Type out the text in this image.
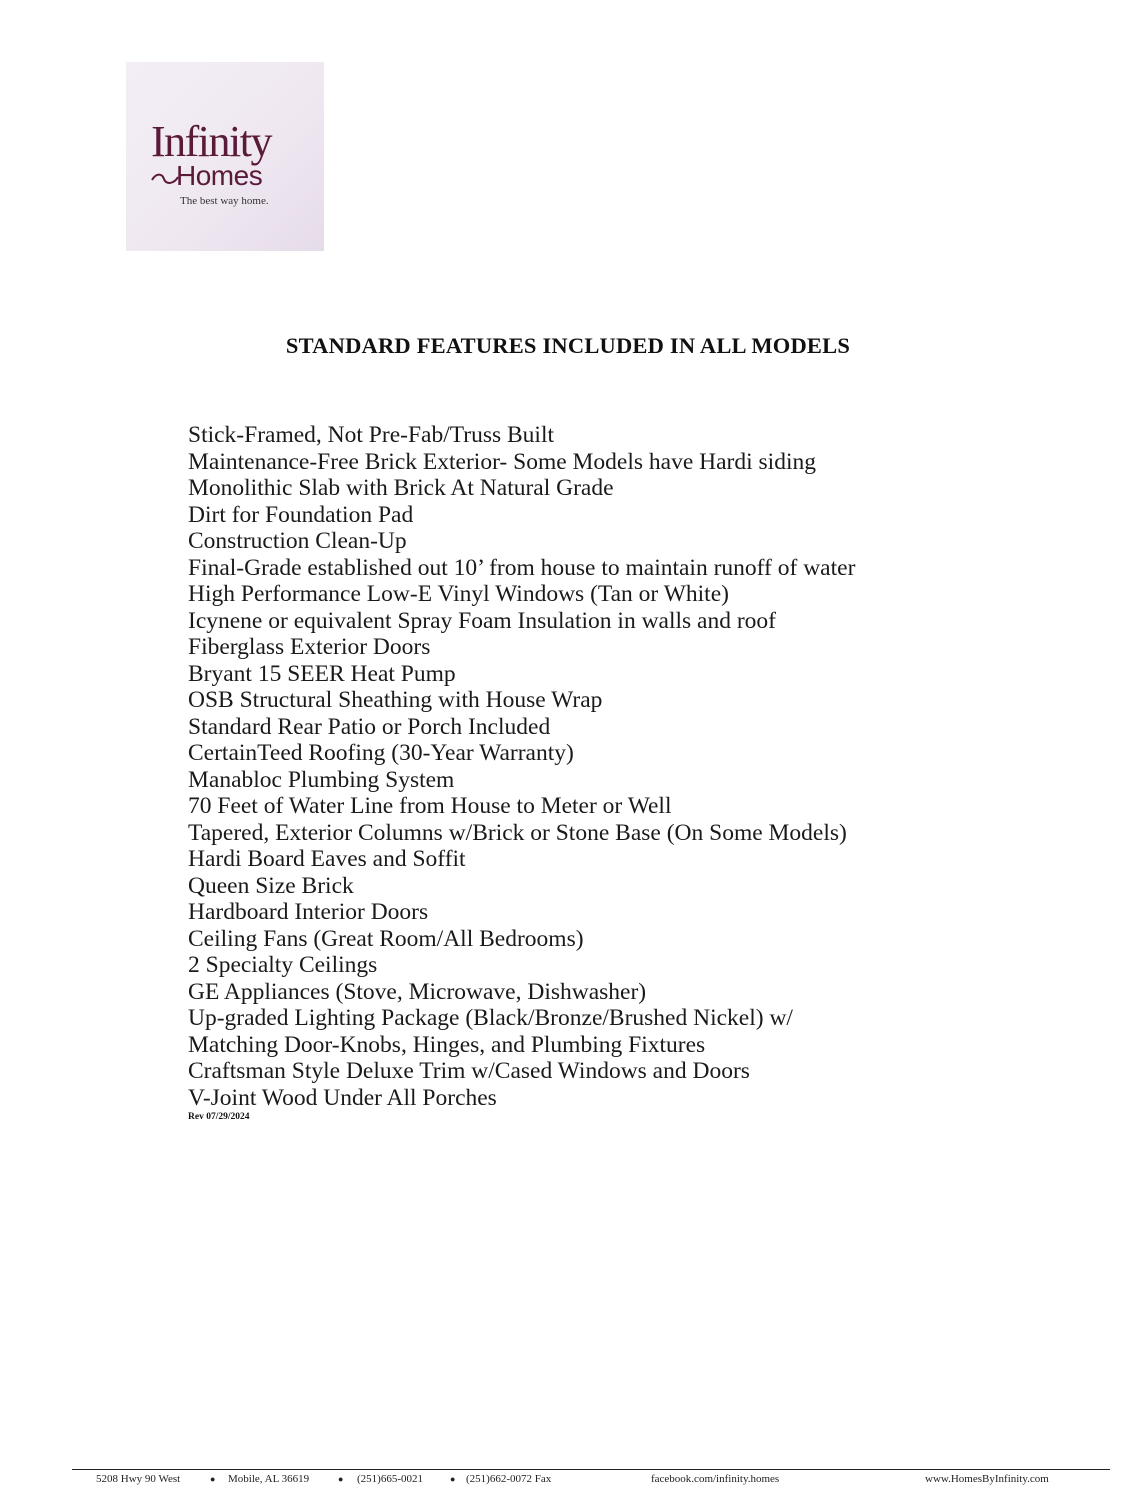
Infinity
Homes
The best way home.
STANDARD FEATURES INCLUDED IN ALL MODELS
Stick-Framed, Not Pre-Fab/Truss Built
Maintenance-Free Brick Exterior- Some Models have Hardi siding
Monolithic Slab with Brick At Natural Grade
Dirt for Foundation Pad
Construction Clean-Up
Final-Grade established out 10’ from house to maintain runoff of water
High Performance Low-E Vinyl Windows (Tan or White)
Icynene or equivalent Spray Foam Insulation in walls and roof
Fiberglass Exterior Doors
Bryant 15 SEER Heat Pump
OSB Structural Sheathing with House Wrap
Standard Rear Patio or Porch Included
CertainTeed Roofing (30-Year Warranty)
Manabloc Plumbing System
70 Feet of Water Line from House to Meter or Well
Tapered, Exterior Columns w/Brick or Stone Base (On Some Models)
Hardi Board Eaves and Soffit
Queen Size Brick
Hardboard Interior Doors
Ceiling Fans (Great Room/All Bedrooms)
2 Specialty Ceilings
GE Appliances (Stove, Microwave, Dishwasher)
Up-graded Lighting Package (Black/Bronze/Brushed Nickel) w/
Matching Door-Knobs, Hinges, and Plumbing Fixtures
Craftsman Style Deluxe Trim w/Cased Windows and Doors
V-Joint Wood Under All Porches
Rev 07/29/2024
5208 Hwy 90 West	● Mobile, AL 36619	● (251)665-0021	● (251)662-0072 Fax	facebook.com/infinity.homes	www.HomesByInfinity.com
